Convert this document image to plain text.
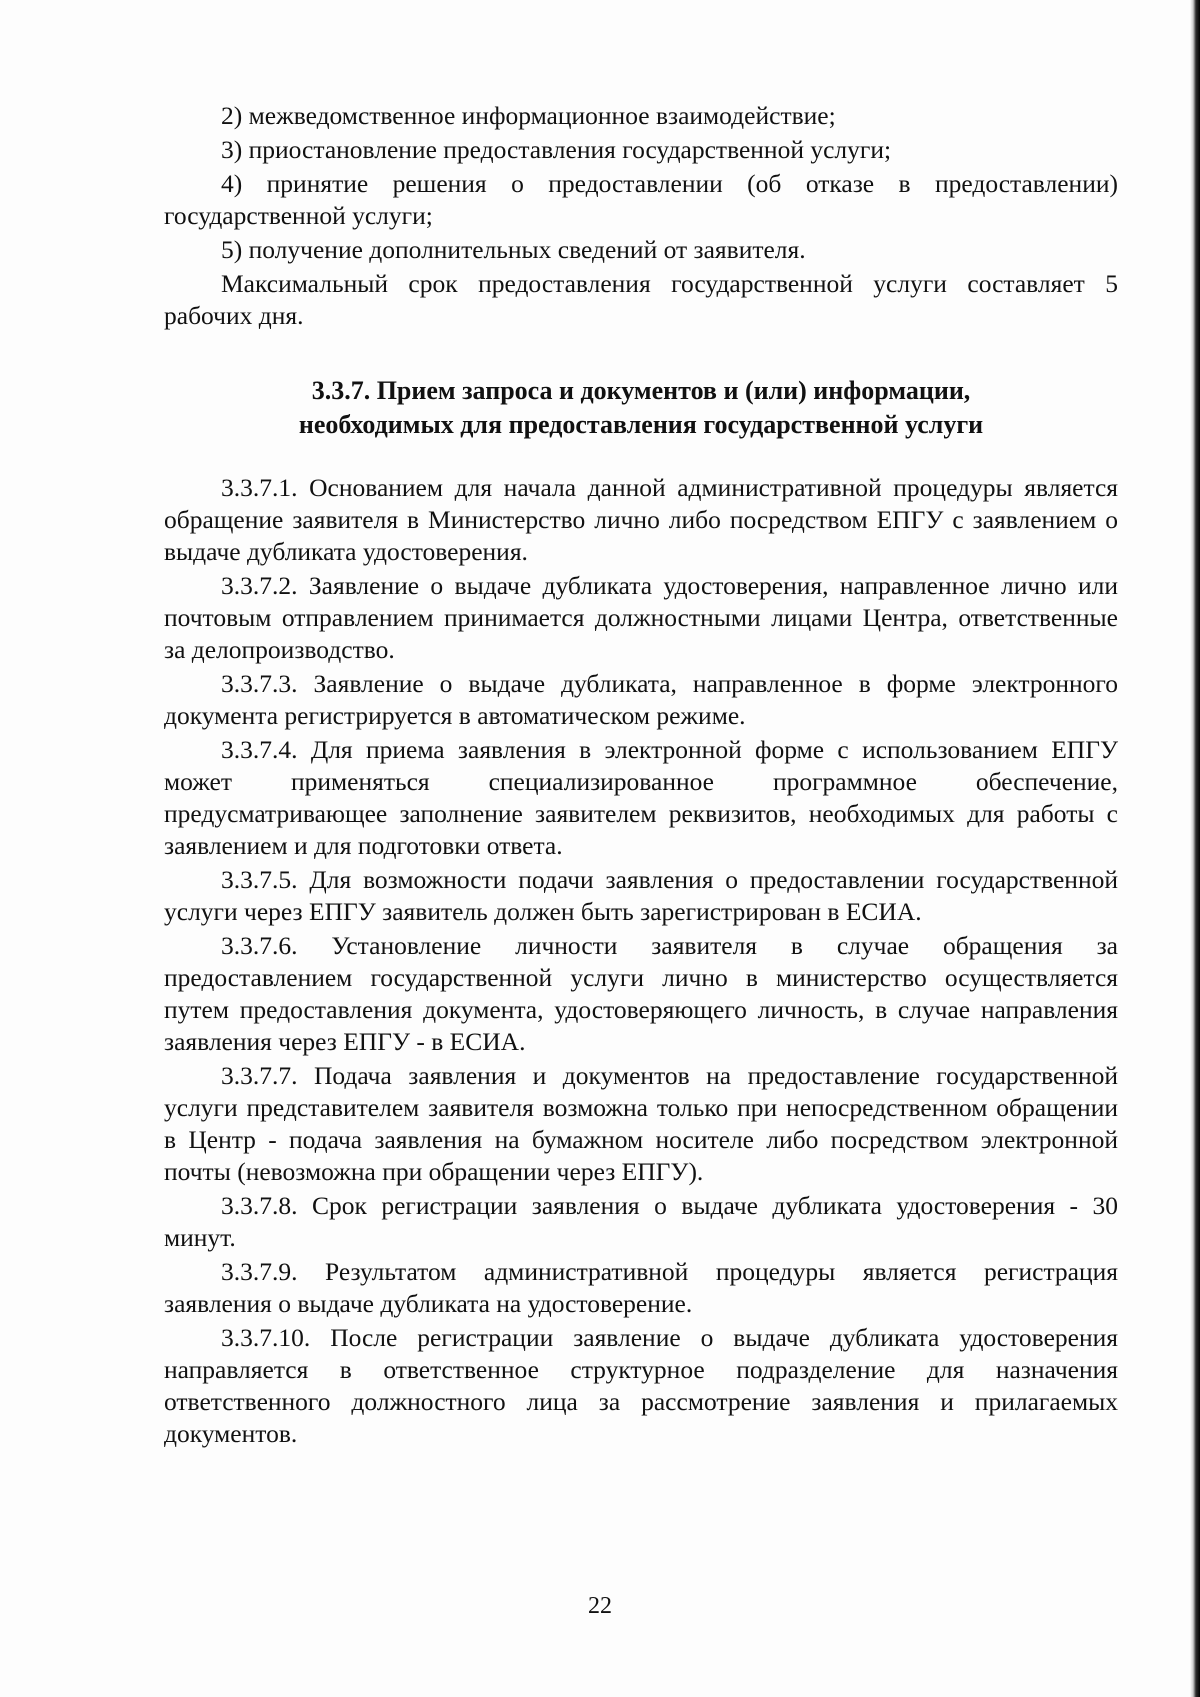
2) межведомственное информационное взаимодействие;

3) приостановление предоставления государственной услуги;

4) принятие решения о предоставлении (об отказе в предоставлении) государственной услуги;

5) получение дополнительных сведений от заявителя.

Максимальный срок предоставления государственной услуги составляет 5 рабочих дня.

3.3.7. Прием запроса и документов и (или) информации,
необходимых для предоставления государственной услуги

3.3.7.1. Основанием для начала данной административной процедуры является обращение заявителя в Министерство лично либо посредством ЕПГУ с заявлением о выдаче дубликата удостоверения.

3.3.7.2. Заявление о выдаче дубликата удостоверения, направленное лично или почтовым отправлением принимается должностными лицами Центра, ответственные за делопроизводство.

3.3.7.3. Заявление о выдаче дубликата, направленное в форме электронного документа регистрируется в автоматическом режиме.

3.3.7.4. Для приема заявления в электронной форме с использованием ЕПГУ может применяться специализированное программное обеспечение, предусматривающее заполнение заявителем реквизитов, необходимых для работы с заявлением и для подготовки ответа.

3.3.7.5. Для возможности подачи заявления о предоставлении государственной услуги через ЕПГУ заявитель должен быть зарегистрирован в ЕСИА.

3.3.7.6. Установление личности заявителя в случае обращения за предоставлением государственной услуги лично в министерство осуществляется путем предоставления документа, удостоверяющего личность, в случае направления заявления через ЕПГУ - в ЕСИА.

3.3.7.7. Подача заявления и документов на предоставление государственной услуги представителем заявителя возможна только при непосредственном обращении в Центр - подача заявления на бумажном носителе либо посредством электронной почты (невозможна при обращении через ЕПГУ).

3.3.7.8. Срок регистрации заявления о выдаче дубликата удостоверения - 30 минут.

3.3.7.9. Результатом административной процедуры является регистрация заявления о выдаче дубликата на удостоверение.

3.3.7.10. После регистрации заявление о выдаче дубликата удостоверения направляется в ответственное структурное подразделение для назначения ответственного должностного лица за рассмотрение заявления и прилагаемых документов.

22
